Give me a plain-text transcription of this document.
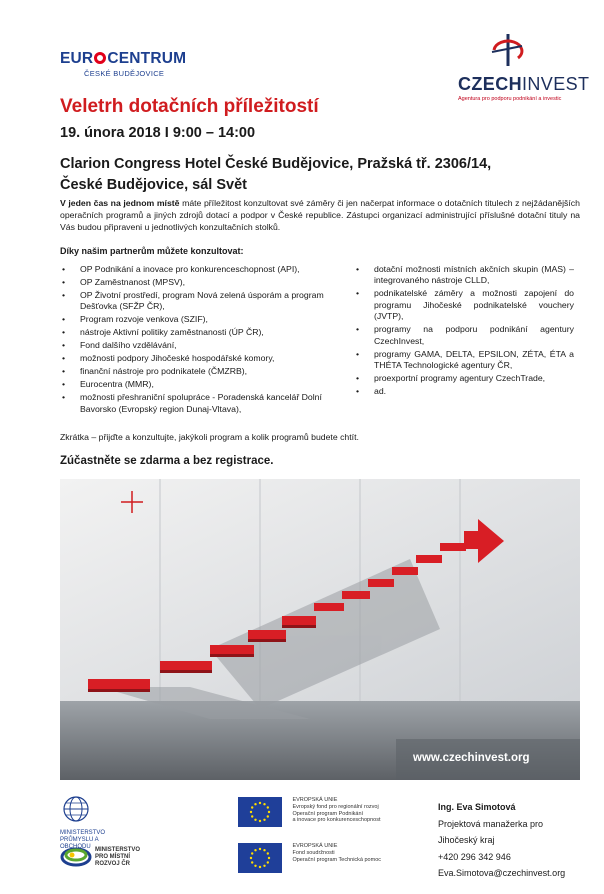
EUR CENTRUM
ČESKÉ BUDĚJOVICE
CZECHINVEST
Agentura pro podporu podnikání a investic
Veletrh dotačních příležitostí
19. února 2018 I 9:00 – 14:00
Clarion Congress Hotel České Budějovice, Pražská tř. 2306/14,
České Budějovice, sál Svět
V jeden čas na jednom místě máte příležitost konzultovat své záměry či jen načerpat informace o dotačních titulech z nejžádanějších operačních programů a jiných zdrojů dotací a podpor v České republice. Zástupci organizací administrující příslušné dotační tituly na Vás budou připraveni u jednotlivých konzultačních stolků.
Díky našim partnerům můžete konzultovat:
• OP Podnikání a inovace pro konkurenceschopnost (API),
• OP Zaměstnanost (MPSV),
• OP Životní prostředí, program Nová zelená úsporám a program Dešťovka (SFŽP ČR),
• Program rozvoje venkova (SZIF),
• nástroje Aktivní politiky zaměstnanosti (ÚP ČR),
• Fond dalšího vzdělávání,
• možnosti podpory Jihočeské hospodářské komory,
• finanční nástroje pro podnikatele (ČMZRB),
• Eurocentra (MMR),
• možnosti přeshraniční spolupráce - Poradenská kancelář Dolní Bavorsko (Evropský region Dunaj-Vltava),
• dotační možnosti místních akčních skupin (MAS) – integrovaného nástroje CLLD,
• podnikatelské záměry a možnosti zapojení do programu Jihočeské podnikatelské vouchery (JVTP),
• programy na podporu podnikání agentury CzechInvest,
• programy GAMA, DELTA, EPSILON, ZÉTA, ÉTA a THÉTA Technologické agentury ČR,
• proexportní programy agentury CzechTrade,
• ad.
Zkrátka – přijďte a konzultujte, jakýkoli program a kolik programů budete chtít.
Zúčastněte se zdarma a bez registrace.
www.czechinvest.org
MINISTERSTVO
PRŮMYSLU A OBCHODU MINISTERSTVO
PRO MÍSTNÍ
ROZVOJ ČR

EVROPSKÁ UNIE
Evropský fond pro regionální rozvoj
Operační program Podnikání
a inovace pro konkurenceschopnost

EVROPSKÁ UNIE
Fond soudržnosti
Operační program Technická pomoc
Ing. Eva Simotová
Projektová manažerka pro
Jihočeský kraj
+420 296 342 946
Eva.Simotova@czechinvest.org
